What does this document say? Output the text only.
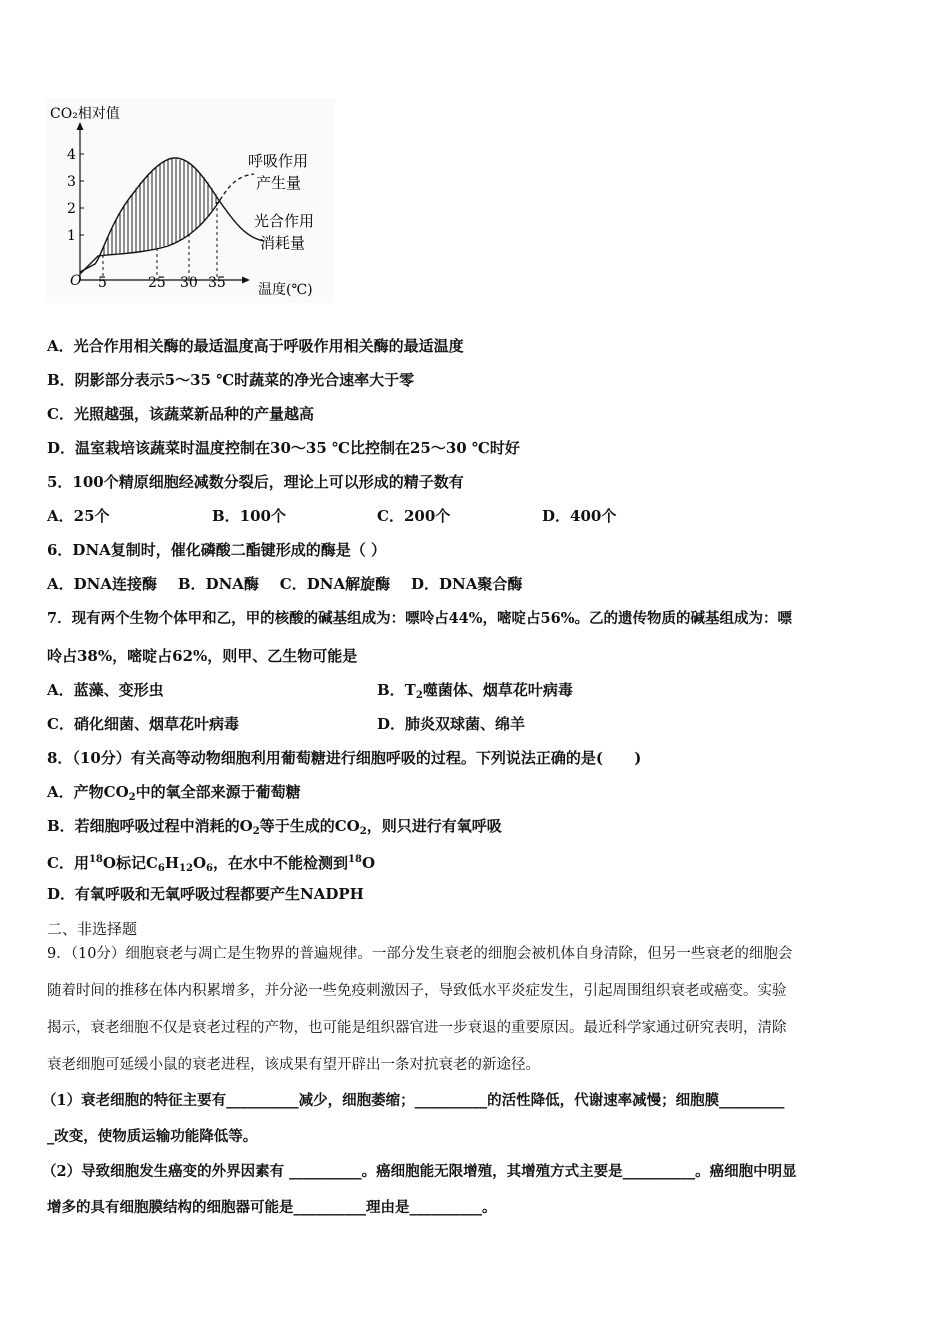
CO₂相对值
4
3
2
1
O 5	25 30 35 温度(℃)
呼吸作用
产生量
光合作用
消耗量
A．光合作用相关酶的最适温度高于呼吸作用相关酶的最适温度
B．阴影部分表示5～35 ℃时蔬菜的净光合速率大于零
C．光照越强，该蔬菜新品种的产量越高
D．温室栽培该蔬菜时温度控制在30～35 ℃比控制在25～30 ℃时好
5．100个精原细胞经减数分裂后，理论上可以形成的精子数有
A．25个	B．100个	C．200个	D．400个
6．DNA复制时，催化磷酸二酯键形成的酶是（ ）
A．DNA连接酶    B．DNA酶    C．DNA解旋酶    D．DNA聚合酶
7．现有两个生物个体甲和乙，甲的核酸的碱基组成为：嘌呤占44%，嘧啶占56%。乙的遗传物质的碱基组成为：嘌
呤占38%，嘧啶占62%，则甲、乙生物可能是
A．蓝藻、变形虫	B．$T_2$噬菌体、烟草花叶病毒
C．硝化细菌、烟草花叶病毒	D．肺炎双球菌、绵羊
8．（10分）有关高等动物细胞利用葡萄糖进行细胞呼吸的过程。下列说法正确的是(      )
A．产物$CO_2$中的氧全部来源于葡萄糖
B．若细胞呼吸过程中消耗的$O_2$等于生成的$CO_2$，则只进行有氧呼吸
C．用$^{18}$O标记$C_6H_{12}O_6$，在水中不能检测到$^{18}$O
D．有氧呼吸和无氧呼吸过程都要产生NADPH
二、非选择题
9．（10分）细胞衰老与凋亡是生物界的普遍规律。一部分发生衰老的细胞会被机体自身清除，但另一些衰老的细胞会
随着时间的推移在体内积累增多，并分泌一些免疫刺激因子，导致低水平炎症发生，引起周围组织衰老或癌变。实验
揭示，衰老细胞不仅是衰老过程的产物，也可能是组织器官进一步衰退的重要原因。最近科学家通过研究表明，清除
衰老细胞可延缓小鼠的衰老进程，该成果有望开辟出一条对抗衰老的新途径。
（1）衰老细胞的特征主要有__________减少，细胞萎缩；__________的活性降低，代谢速率减慢；细胞膜_________
_改变，使物质运输功能降低等。
（2）导致细胞发生癌变的外界因素有 __________。癌细胞能无限增殖，其增殖方式主要是__________。癌细胞中明显
增多的具有细胞膜结构的细胞器可能是__________理由是__________。
